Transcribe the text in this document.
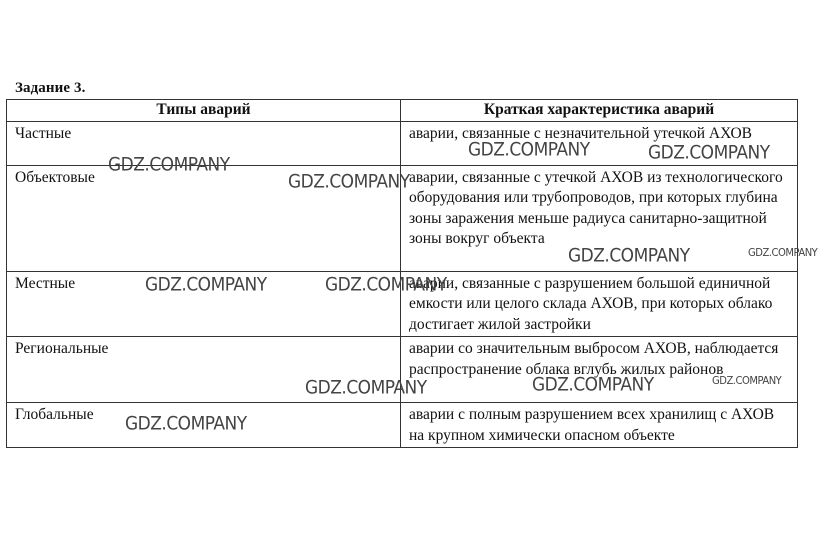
Задание 3.
Типы аварий	Краткая характеристика аварий
Частные	аварии, связанные с незначительной утечкой АХОВ
Объектовые	аварии, связанные с утечкой АХОВ из технологического оборудования или трубопроводов, при которых глубина зоны заражения меньше радиуса санитарно-защитной зоны вокруг объекта
Местные	аварии, связанные с разрушением большой единичной емкости или целого склада АХОВ, при которых облако достигает жилой застройки
Региональные	аварии со значительным выбросом АХОВ, наблюдается распространение облака вглубь жилых районов
Глобальные	аварии с полным разрушением всех хранилищ с АХОВ на крупном химически опасном объекте
GDZ.COMPANY
GDZ.COMPANY	GDZ.COMPANY
GDZ.COMPANY
GDZ.COMPANY	GDZ.COMPANY
GDZ.COMPANY	GDZ.COMPANY
GDZ.COMPANY	GDZ.COMPANY	GDZ.COMPANY
GDZ.COMPANY
